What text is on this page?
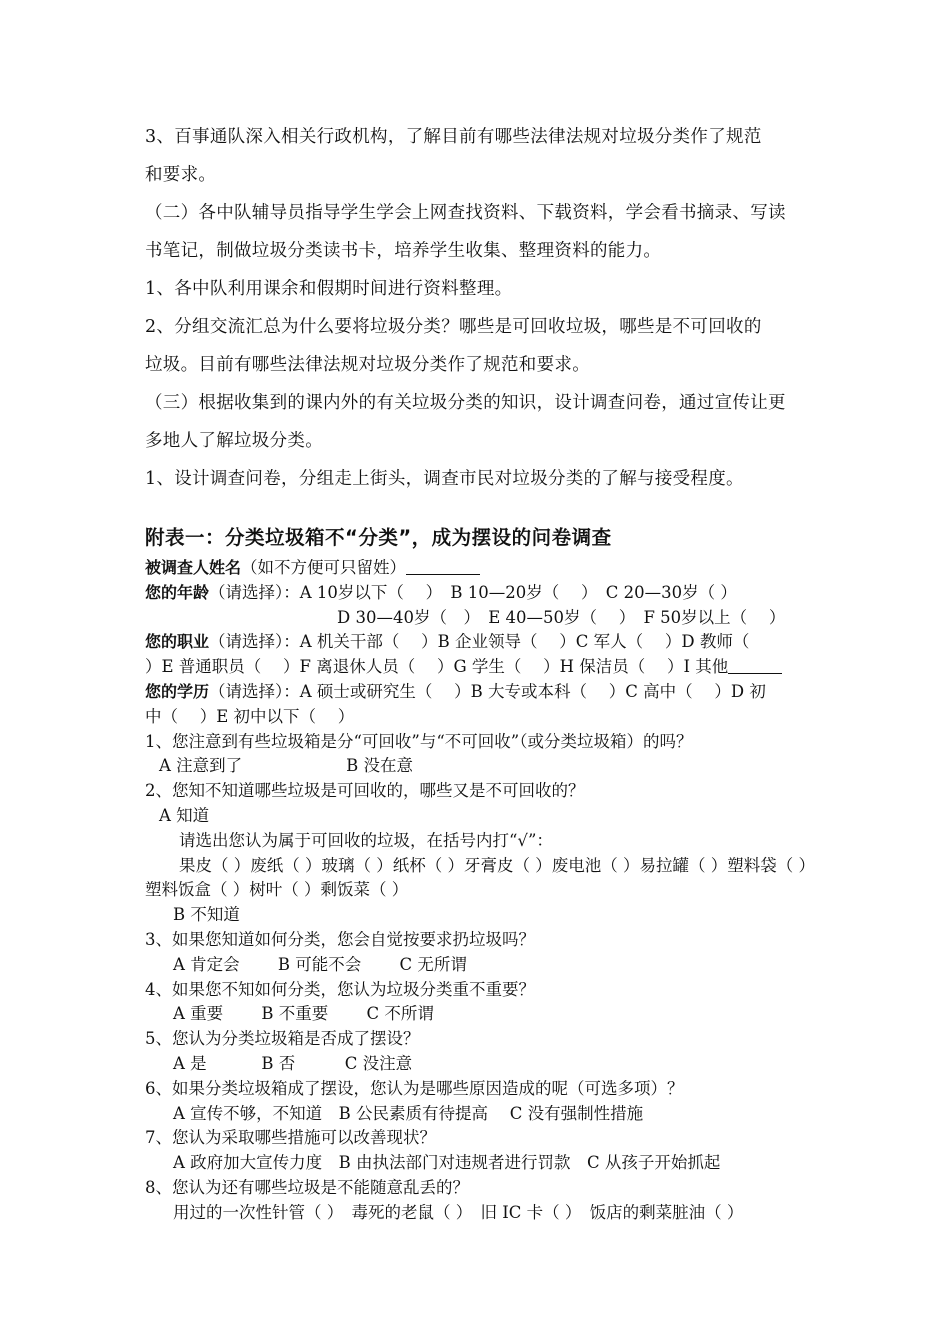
3、百事通队深入相关行政机构，了解目前有哪些法律法规对垃圾分类作了规范

和要求。

（二）各中队辅导员指导学生学会上网查找资料、下载资料，学会看书摘录、写读

书笔记，制做垃圾分类读书卡，培养学生收集、整理资料的能力。

1、各中队利用课余和假期时间进行资料整理。

2、分组交流汇总为什么要将垃圾分类？哪些是可回收垃圾，哪些是不可回收的

垃圾。目前有哪些法律法规对垃圾分类作了规范和要求。

（三）根据收集到的课内外的有关垃圾分类的知识，设计调查问卷，通过宣传让更

多地人了解垃圾分类。

1、设计调查问卷，分组走上街头，调查市民对垃圾分类的了解与接受程度。

附表一：分类垃圾箱不“分类”，成为摆设的问卷调查

被调查人姓名（如不方便可只留姓）

您的年龄（请选择）：A 10岁以下（　 ）　B 10—20岁（　 ）　C 20—30岁（ ）

D 30—40岁（　）　E 40—50岁（　 ）　F 50岁以上（　 ）

您的职业（请选择）：A 机关干部（　 ）B 企业领导（　 ）C 军人（　 ）D 教师（

）E 普通职员（　 ）F 离退休人员（　 ）G 学生（　 ）H 保洁员（　 ）I 其他

您的学历（请选择）：A 硕士或研究生（　 ）B 大专或本科（　 ）C 高中（　 ）D 初

中（　 ）E 初中以下（　 ）

1、您注意到有些垃圾箱是分“可回收”与“不可回收”（或分类垃圾箱）的吗？

A 注意到了	B 没在意

2、您知不知道哪些垃圾是可回收的，哪些又是不可回收的？

A 知道

请选出您认为属于可回收的垃圾，在括号内打“√”：

果皮（ ）废纸（ ）玻璃（ ）纸杯（ ）牙膏皮（ ）废电池（ ）易拉罐（ ）塑料袋（ ）

塑料饭盒（ ）树叶（ ）剩饭菜（ ）

B 不知道

3、如果您知道如何分类，您会自觉按要求扔垃圾吗？

A 肯定会　　 B 可能不会　　 C 无所谓

4、如果您不知如何分类，您认为垃圾分类重不重要？

A 重要　　 B 不重要　　 C 不所谓

5、您认为分类垃圾箱是否成了摆设？

A 是　　　 B 否　　　C 没注意

6、如果分类垃圾箱成了摆设，您认为是哪些原因造成的呢（可选多项）？

A 宣传不够，不知道　B 公民素质有待提高　 C 没有强制性措施

7、您认为采取哪些措施可以改善现状？

A 政府加大宣传力度　B 由执法部门对违规者进行罚款　C 从孩子开始抓起

8、您认为还有哪些垃圾是不能随意乱丢的？

用过的一次性针管（ ）　毒死的老鼠（ ）　旧 IC 卡（ ）　饭店的剩菜脏油（ ）
